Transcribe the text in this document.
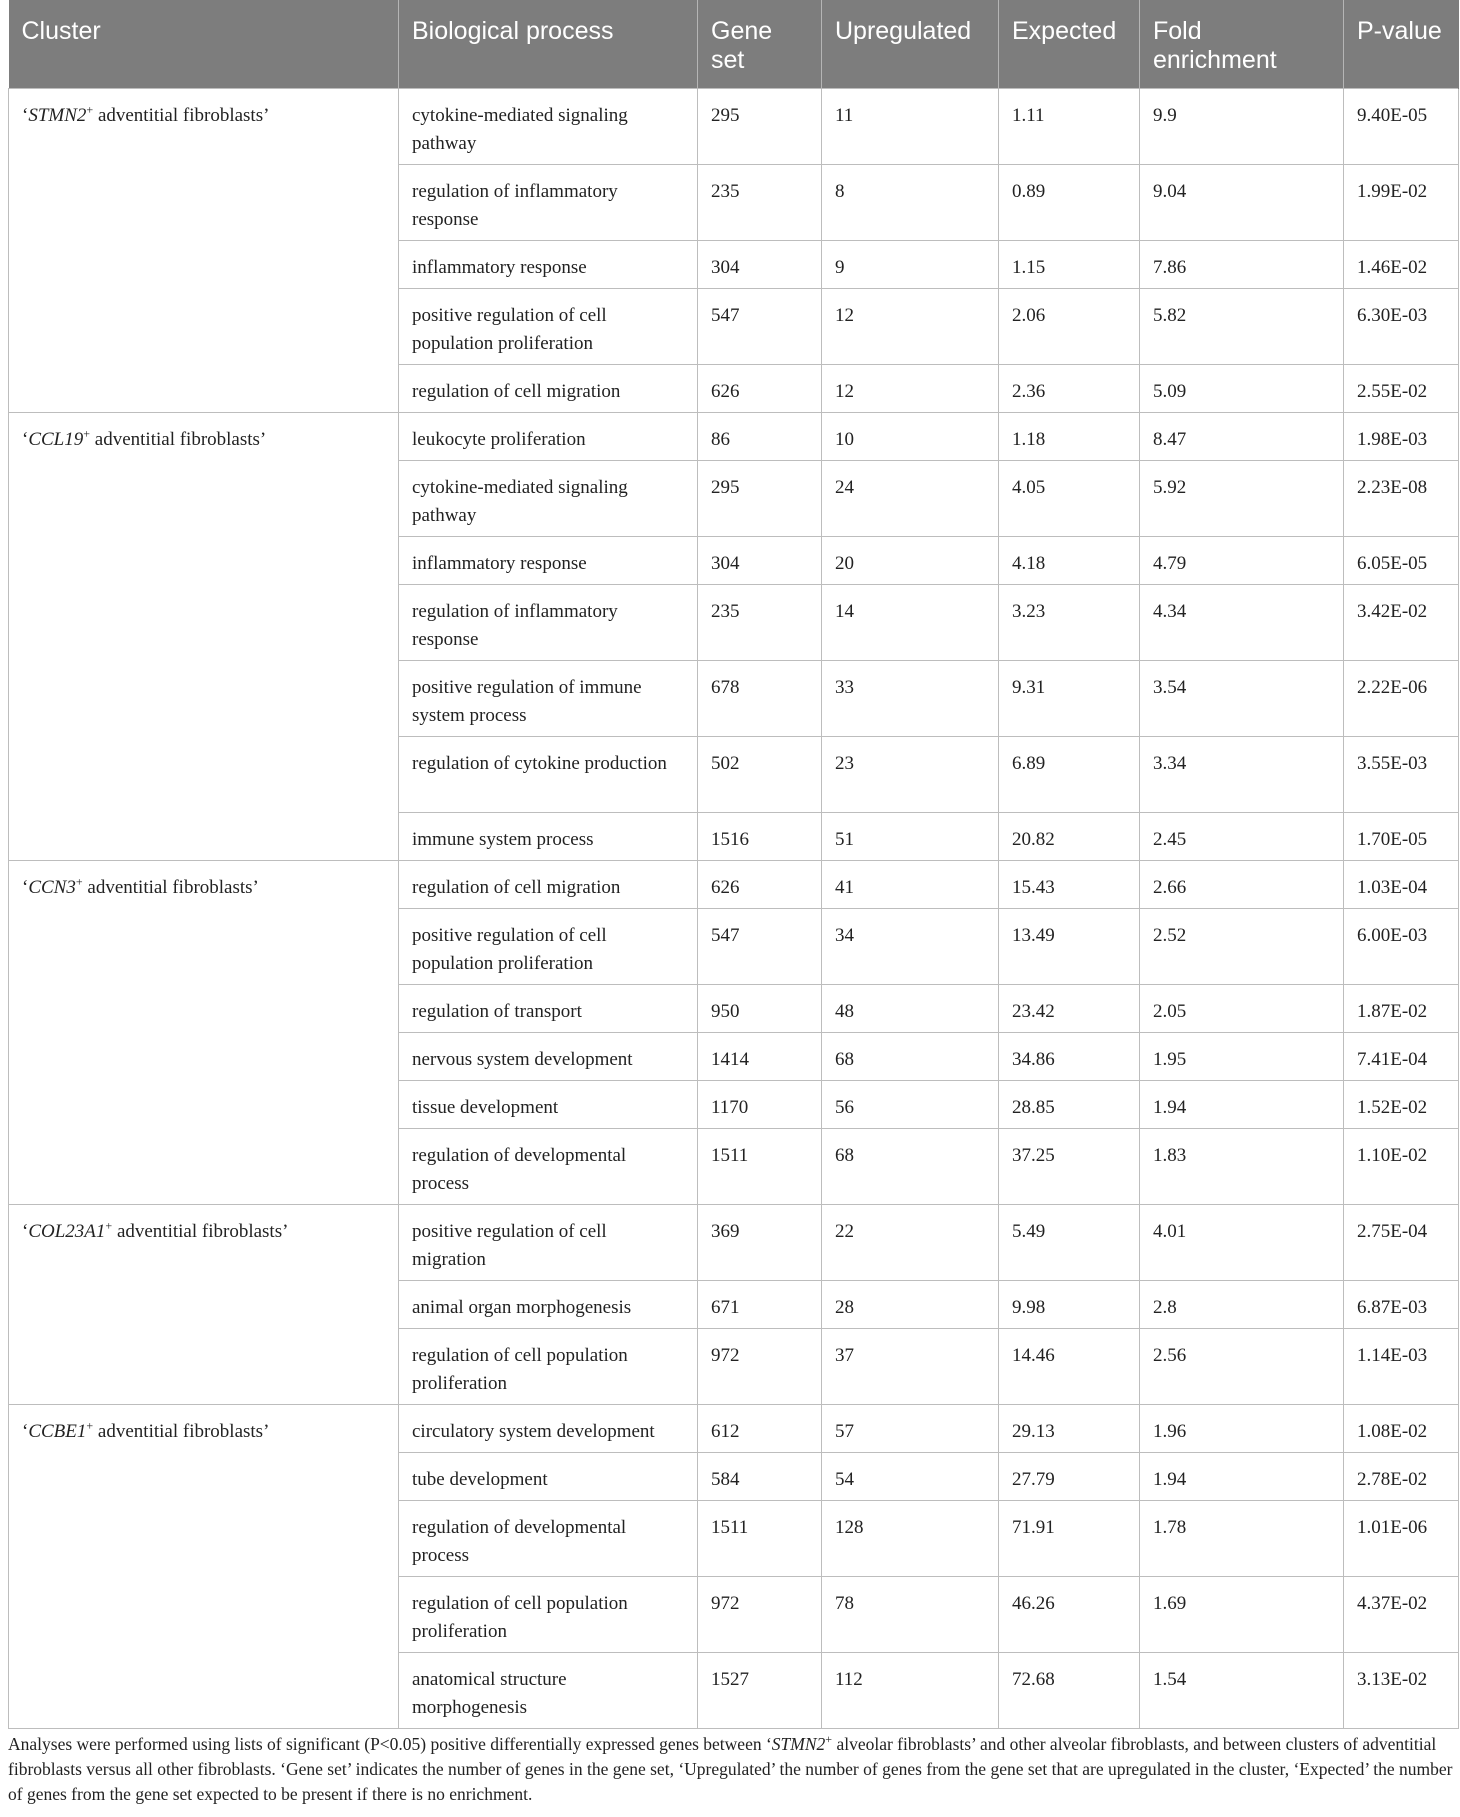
Cluster	Biological process	Gene set	Upregulated	Expected	Fold enrichment	P-value
‘STMN2+ adventitial fibroblasts’	cytokine-mediated signaling pathway	295	11	1.11	9.9	9.40E-05
	regulation of inflammatory response	235	8	0.89	9.04	1.99E-02
	inflammatory response	304	9	1.15	7.86	1.46E-02
	positive regulation of cell population proliferation	547	12	2.06	5.82	6.30E-03
	regulation of cell migration	626	12	2.36	5.09	2.55E-02
‘CCL19+ adventitial fibroblasts’	leukocyte proliferation	86	10	1.18	8.47	1.98E-03
	cytokine-mediated signaling pathway	295	24	4.05	5.92	2.23E-08
	inflammatory response	304	20	4.18	4.79	6.05E-05
	regulation of inflammatory response	235	14	3.23	4.34	3.42E-02
	positive regulation of immune system process	678	33	9.31	3.54	2.22E-06
	regulation of cytokine production	502	23	6.89	3.34	3.55E-03
	immune system process	1516	51	20.82	2.45	1.70E-05
‘CCN3+ adventitial fibroblasts’	regulation of cell migration	626	41	15.43	2.66	1.03E-04
	positive regulation of cell population proliferation	547	34	13.49	2.52	6.00E-03
	regulation of transport	950	48	23.42	2.05	1.87E-02
	nervous system development	1414	68	34.86	1.95	7.41E-04
	tissue development	1170	56	28.85	1.94	1.52E-02
	regulation of developmental process	1511	68	37.25	1.83	1.10E-02
‘COL23A1+ adventitial fibroblasts’	positive regulation of cell migration	369	22	5.49	4.01	2.75E-04
	animal organ morphogenesis	671	28	9.98	2.8	6.87E-03
	regulation of cell population proliferation	972	37	14.46	2.56	1.14E-03
‘CCBE1+ adventitial fibroblasts’	circulatory system development	612	57	29.13	1.96	1.08E-02
	tube development	584	54	27.79	1.94	2.78E-02
	regulation of developmental process	1511	128	71.91	1.78	1.01E-06
	regulation of cell population proliferation	972	78	46.26	1.69	4.37E-02
	anatomical structure morphogenesis	1527	112	72.68	1.54	3.13E-02

Analyses were performed using lists of significant (P<0.05) positive differentially expressed genes between ‘STMN2+ alveolar fibroblasts’ and other alveolar fibroblasts, and between clusters of adventitial fibroblasts versus all other fibroblasts. ‘Gene set’ indicates the number of genes in the gene set, ‘Upregulated’ the number of genes from the gene set that are upregulated in the cluster, ‘Expected’ the number of genes from the gene set expected to be present if there is no enrichment.
